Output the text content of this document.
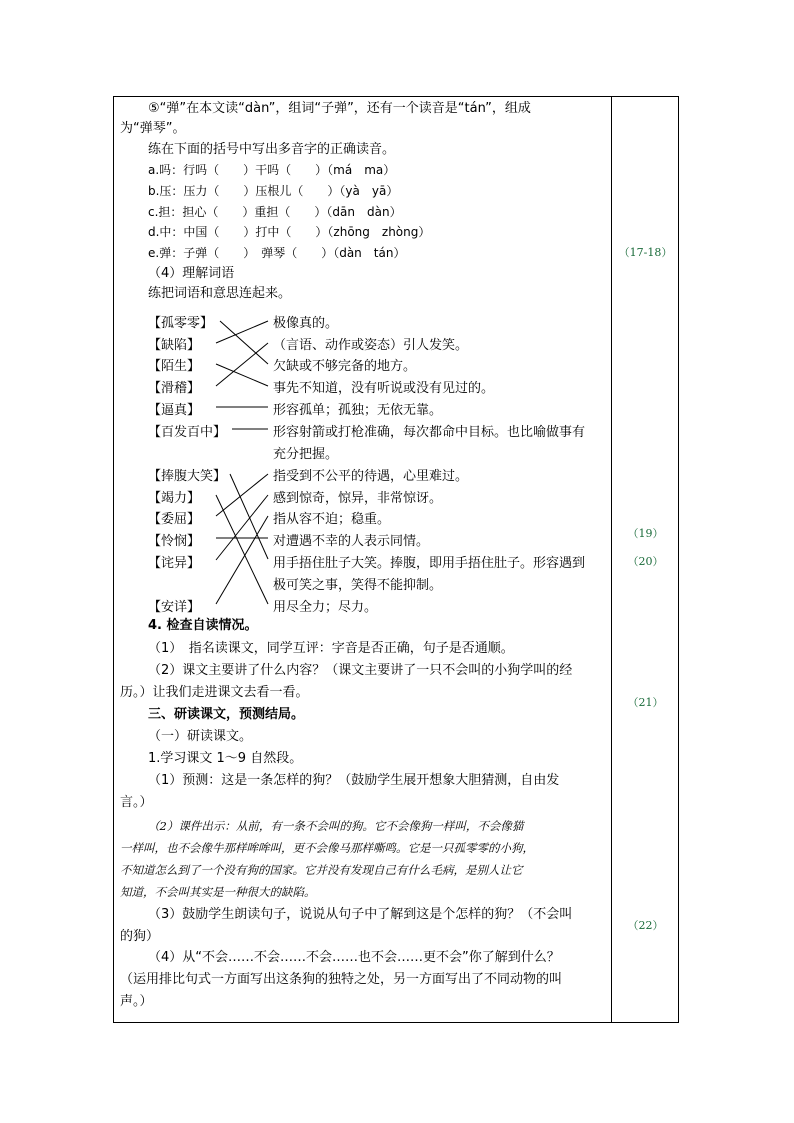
⑤“弹”在本文读“dàn”，组词“子弹”，还有一个读音是“tán”，组成
为“弹琴”。
练在下面的括号中写出多音字的正确读音。
a.吗：行吗（　　）干吗（　　）（má　ma）
b.压：压力（　　）压根儿（　　）（yà　yā）
c.担：担心（　　）重担（　　）（dān　dàn）
d.中：中国（　　）打中（　　）（zhōng　zhòng）
e.弹：子弹（　　）　弹琴（　　）（dàn　tán）
（4）理解词语
练把词语和意思连起来。
【孤零零】
【缺陷】
【陌生】
【滑稽】
【逼真】
【百发百中】
【捧腹大笑】
【竭力】
【委屈】
【怜悯】
【诧异】
【安详】
极像真的。
（言语、动作或姿态）引人发笑。
欠缺或不够完备的地方。
事先不知道，没有听说或没有见过的。
形容孤单；孤独；无依无靠。
形容射箭或打枪准确，每次都命中目标。也比喻做事有
充分把握。
指受到不公平的待遇，心里难过。
感到惊奇，惊异，非常惊讶。
指从容不迫；稳重。
对遭遇不幸的人表示同情。
用手捂住肚子大笑。捧腹，即用手捂住肚子。形容遇到
极可笑之事，笑得不能抑制。
用尽全力；尽力。
4. 检查自读情况。
（1）　指名读课文，同学互评：字音是否正确，句子是否通顺。
（2）课文主要讲了什么内容？（课文主要讲了一只不会叫的小狗学叫的经
历。）让我们走进课文去看一看。
三、研读课文，预测结局。
（一）研读课文。
1.学习课文 1～9 自然段。
（1）预测：这是一条怎样的狗？（鼓励学生展开想象大胆猜测，自由发
言。）
（2）课件出示：从前，有一条不会叫的狗。它不会像狗一样叫，不会像猫
一样叫，也不会像牛那样哞哞叫，更不会像马那样嘶鸣。它是一只孤零零的小狗，
不知道怎么到了一个没有狗的国家。它并没有发现自己有什么毛病，是别人让它
知道，不会叫其实是一种很大的缺陷。
（3）鼓励学生朗读句子，说说从句子中了解到这是个怎样的狗？（不会叫
的狗）
（4）从“不会……不会……不会……也不会……更不会”你了解到什么？
（运用排比句式一方面写出这条狗的独特之处，另一方面写出了不同动物的叫
声。）
（17-18）
（19）
（20）
（21）
（22）
